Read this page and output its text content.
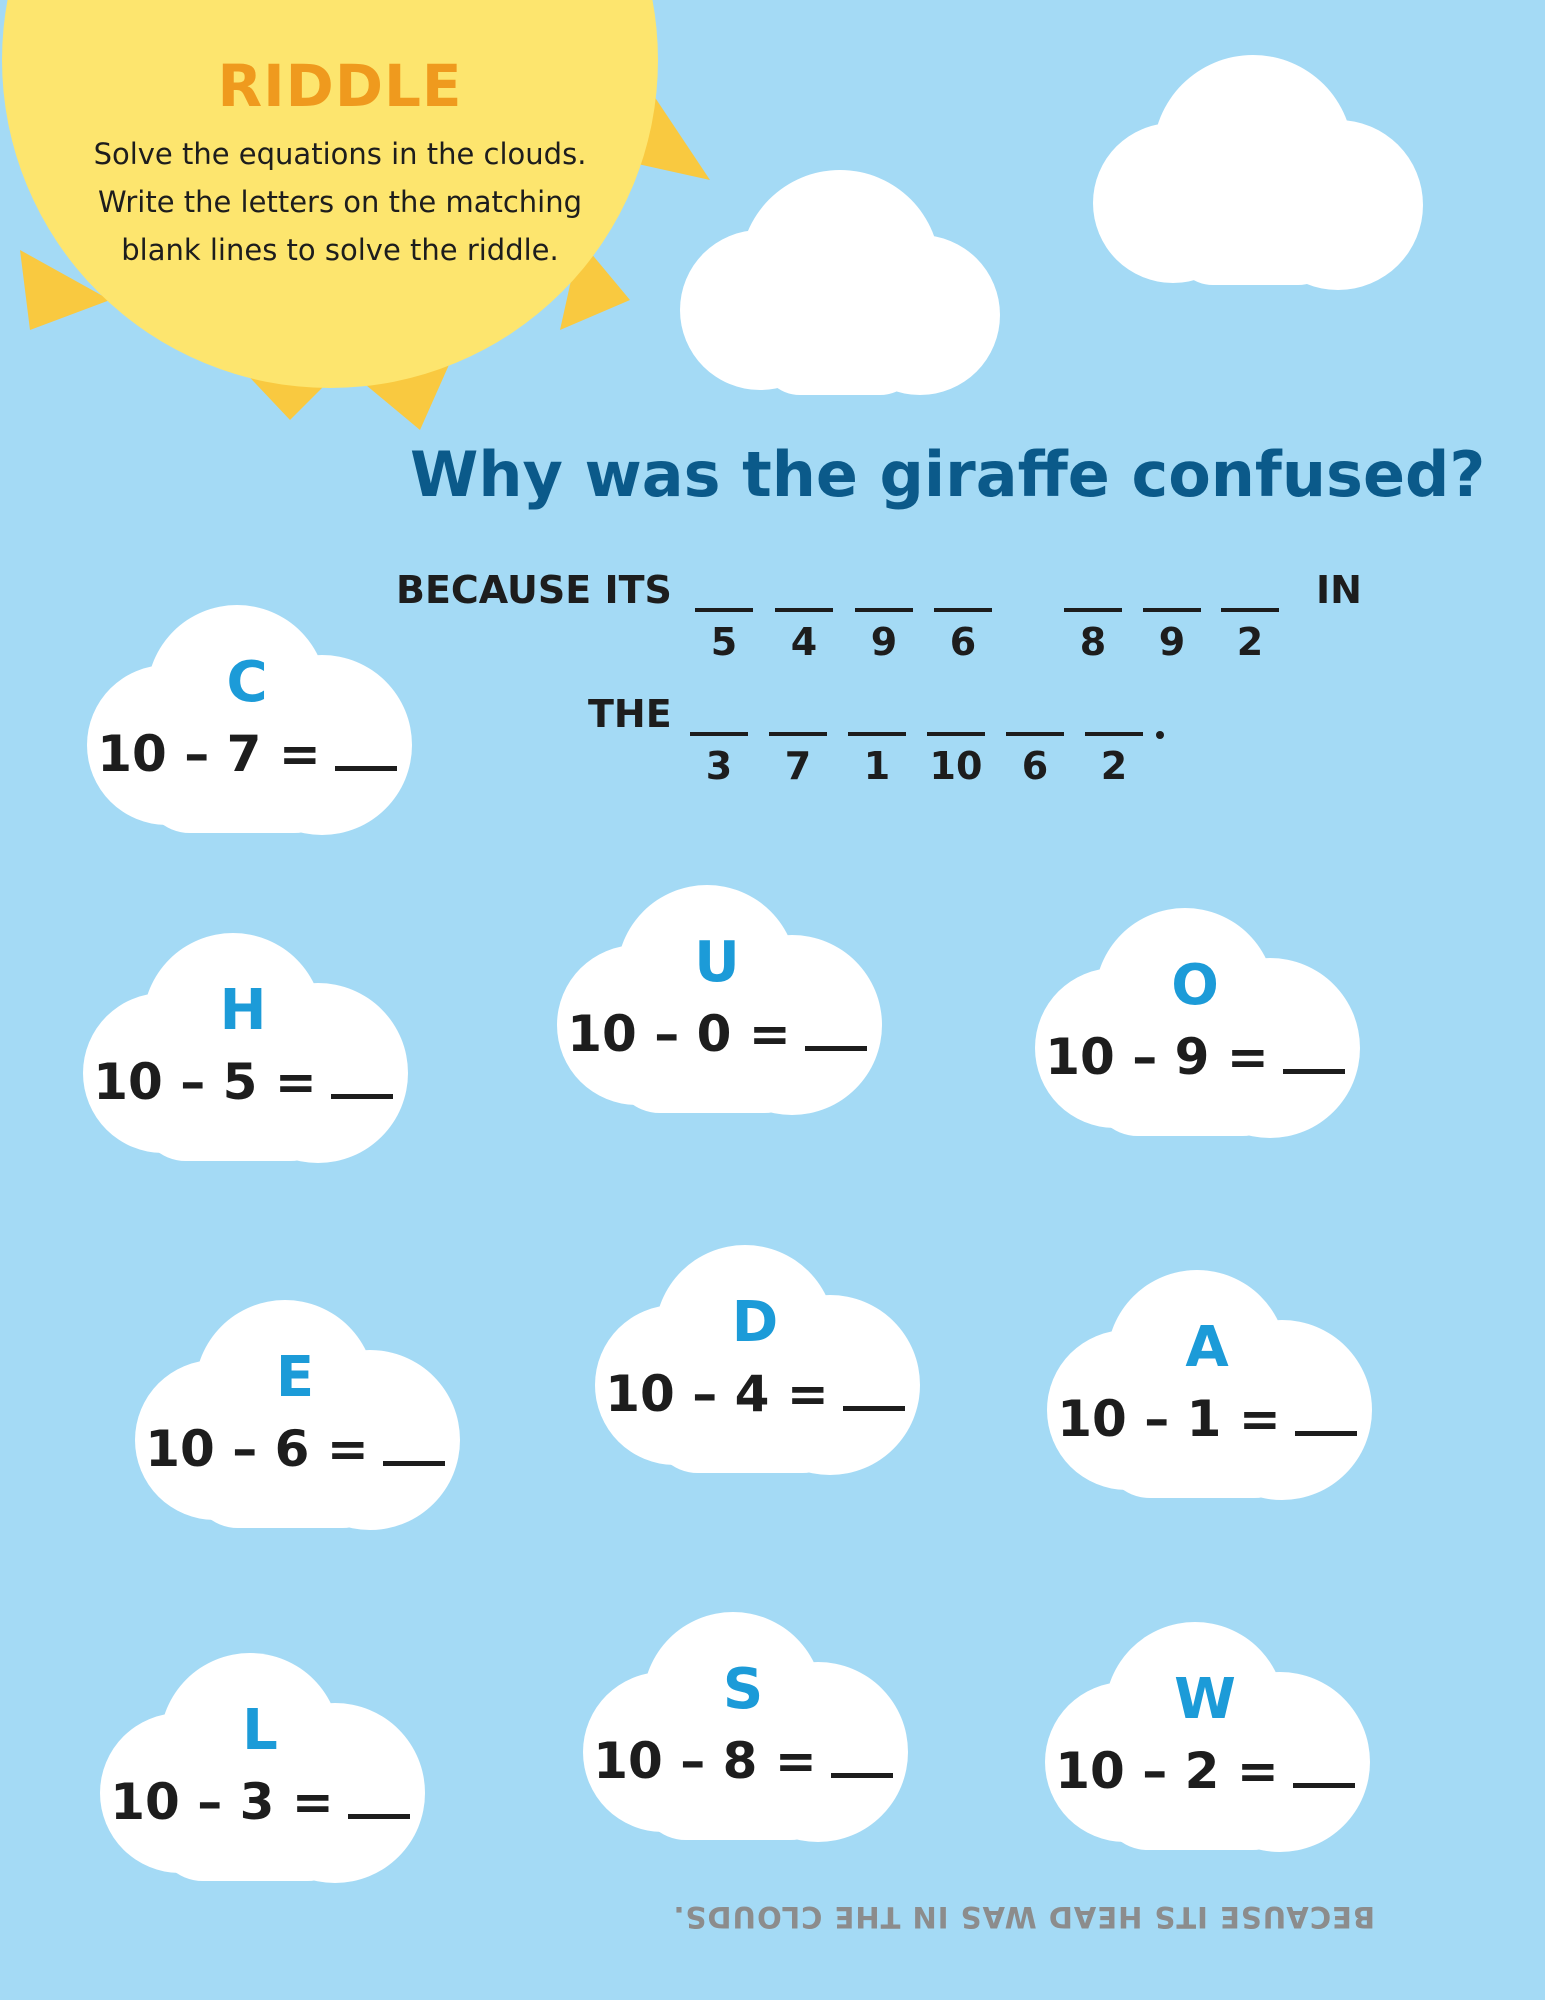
RIDDLE

Solve the equations in the clouds.

Write the letters on the matching

blank lines to solve the riddle.

Why was the giraffe confused?
BECAUSE ITS	IN
THE
5	4	9	6	8	9	2
3	7	1	10	6	2
C
10 – 7 =
H
10 – 5 =
U
10 – 0 =
O
10 – 9 =
E
10 – 6 =
D
10 – 4 =
A
10 – 1 =
L
10 – 3 =
S
10 – 8 =
W
10 – 2 =
BECAUSE ITS HEAD WAS IN THE CLOUDS.
